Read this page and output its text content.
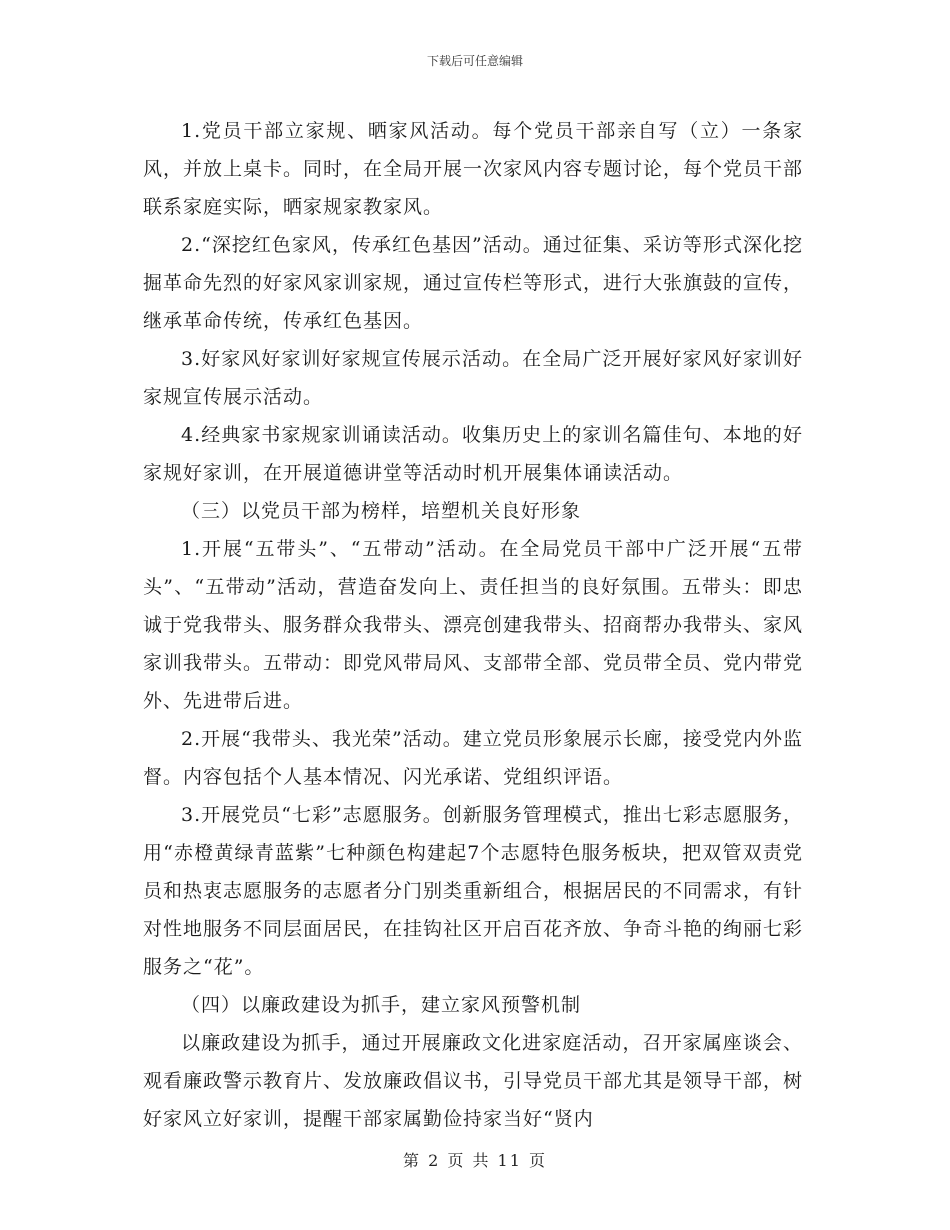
下载后可任意编辑

1.党员干部立家规、晒家风活动。每个党员干部亲自写（立）一条家风，并放上桌卡。同时，在全局开展一次家风内容专题讨论，每个党员干部联系家庭实际，晒家规家教家风。

2.“深挖红色家风，传承红色基因”活动。通过征集、采访等形式深化挖掘革命先烈的好家风家训家规，通过宣传栏等形式，进行大张旗鼓的宣传，继承革命传统，传承红色基因。

3.好家风好家训好家规宣传展示活动。在全局广泛开展好家风好家训好家规宣传展示活动。

4.经典家书家规家训诵读活动。收集历史上的家训名篇佳句、本地的好家规好家训，在开展道德讲堂等活动时机开展集体诵读活动。

（三）以党员干部为榜样，培塑机关良好形象

1.开展“五带头”、“五带动”活动。在全局党员干部中广泛开展“五带头”、“五带动”活动，营造奋发向上、责任担当的良好氛围。五带头：即忠诚于党我带头、服务群众我带头、漂亮创建我带头、招商帮办我带头、家风家训我带头。五带动：即党风带局风、支部带全部、党员带全员、党内带党外、先进带后进。

2.开展“我带头、我光荣”活动。建立党员形象展示长廊，接受党内外监督。内容包括个人基本情况、闪光承诺、党组织评语。

3.开展党员“七彩”志愿服务。创新服务管理模式，推出七彩志愿服务，用“赤橙黄绿青蓝紫”七种颜色构建起7个志愿特色服务板块，把双管双责党员和热衷志愿服务的志愿者分门别类重新组合，根据居民的不同需求，有针对性地服务不同层面居民，在挂钩社区开启百花齐放、争奇斗艳的绚丽七彩服务之“花”。

（四）以廉政建设为抓手，建立家风预警机制

以廉政建设为抓手，通过开展廉政文化进家庭活动，召开家属座谈会、观看廉政警示教育片、发放廉政倡议书，引导党员干部尤其是领导干部，树好家风立好家训，提醒干部家属勤俭持家当好“贤内

第 2 页 共 11 页
